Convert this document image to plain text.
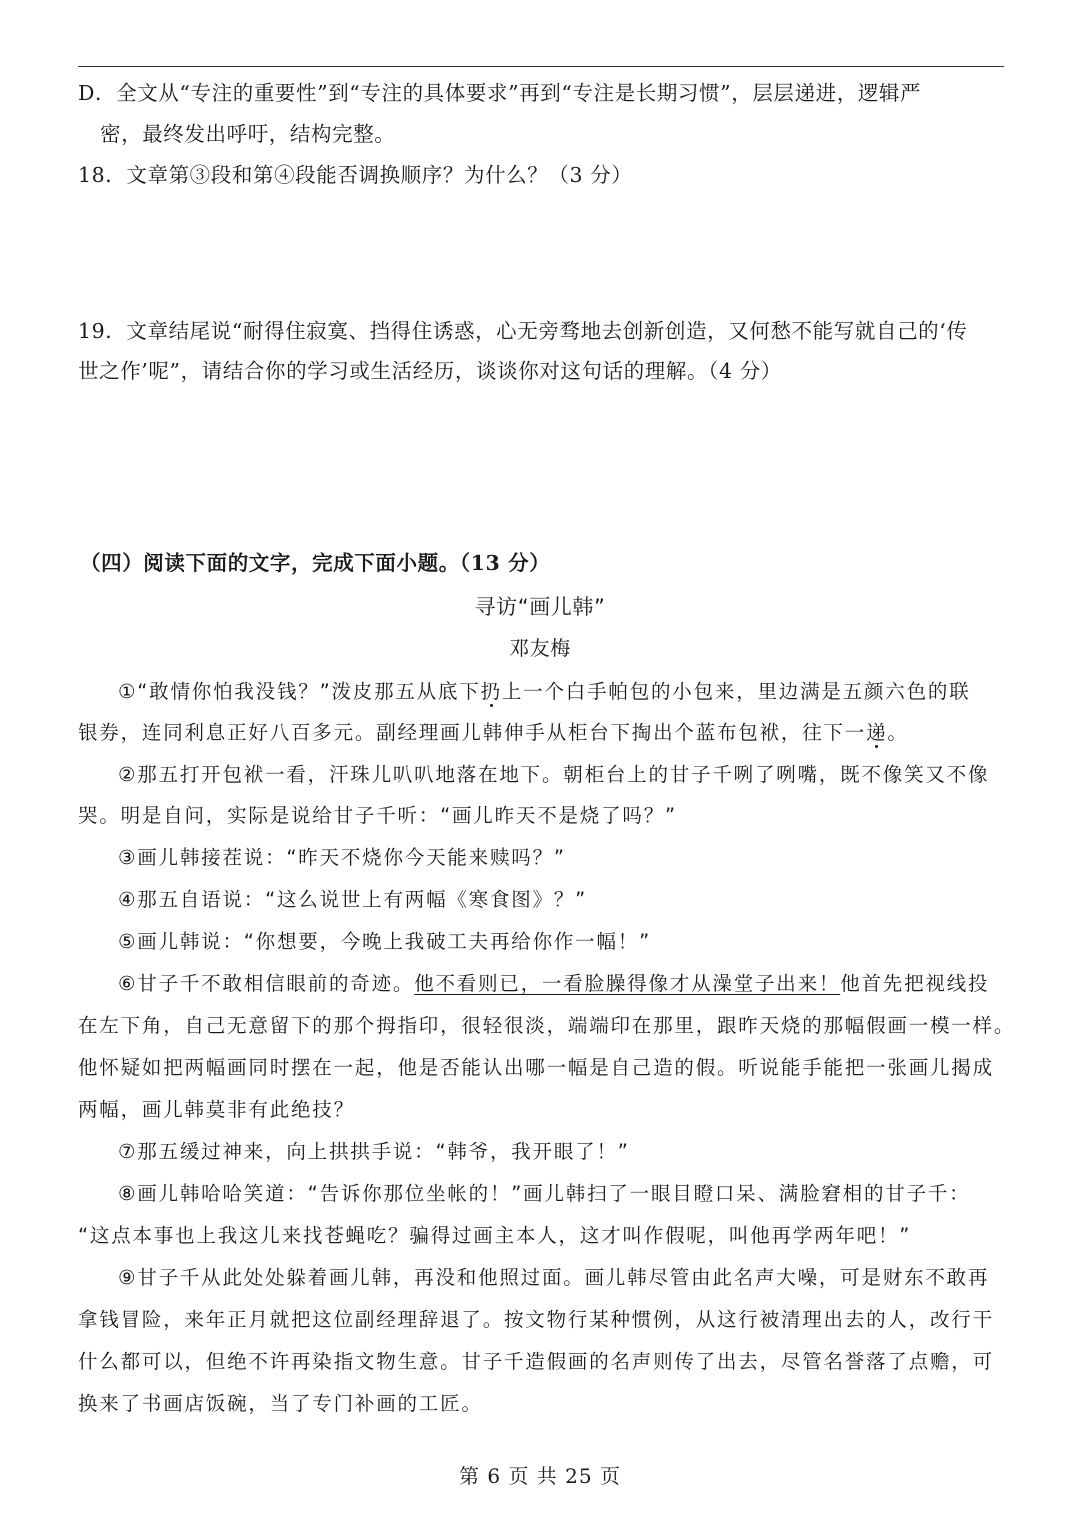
D．全文从“专注的重要性”到“专注的具体要求”再到“专注是长期习惯”，层层递进，逻辑严
密，最终发出呼吁，结构完整。
18．文章第③段和第④段能否调换顺序？为什么？（3 分）
19．文章结尾说“耐得住寂寞、挡得住诱惑，心无旁骛地去创新创造，又何愁不能写就自己的‘传
世之作’呢”，请结合你的学习或生活经历，谈谈你对这句话的理解。（4 分）
（四）阅读下面的文字，完成下面小题。（13 分）
寻访“画儿韩”
邓友梅
①“敢情你怕我没钱？”泼皮那五从底下扔上一个白手帕包的小包来，里边满是五颜六色的联
银券，连同利息正好八百多元。副经理画儿韩伸手从柜台下掏出个蓝布包袱，往下一递。
②那五打开包袱一看，汗珠儿叭叭地落在地下。朝柜台上的甘子千咧了咧嘴，既不像笑又不像
哭。明是自问，实际是说给甘子千听：“画儿昨天不是烧了吗？”
③画儿韩接茬说：“昨天不烧你今天能来赎吗？”
④那五自语说：“这么说世上有两幅《寒食图》？”
⑤画儿韩说：“你想要，今晚上我破工夫再给你作一幅！”
⑥甘子千不敢相信眼前的奇迹。他不看则已，一看脸臊得像才从澡堂子出来！他首先把视线投
在左下角，自己无意留下的那个拇指印，很轻很淡，端端印在那里，跟昨天烧的那幅假画一模一样。
他怀疑如把两幅画同时摆在一起，他是否能认出哪一幅是自己造的假。听说能手能把一张画儿揭成
两幅，画儿韩莫非有此绝技？
⑦那五缓过神来，向上拱拱手说：“韩爷，我开眼了！”
⑧画儿韩哈哈笑道：“告诉你那位坐帐的！”画儿韩扫了一眼目瞪口呆、满脸窘相的甘子千：
“这点本事也上我这儿来找苍蝇吃？骗得过画主本人，这才叫作假呢，叫他再学两年吧！”
⑨甘子千从此处处躲着画儿韩，再没和他照过面。画儿韩尽管由此名声大噪，可是财东不敢再
拿钱冒险，来年正月就把这位副经理辞退了。按文物行某种惯例，从这行被清理出去的人，改行干
什么都可以，但绝不许再染指文物生意。甘子千造假画的名声则传了出去，尽管名誉落了点赡，可
换来了书画店饭碗，当了专门补画的工匠。
第 6 页 共 25 页
